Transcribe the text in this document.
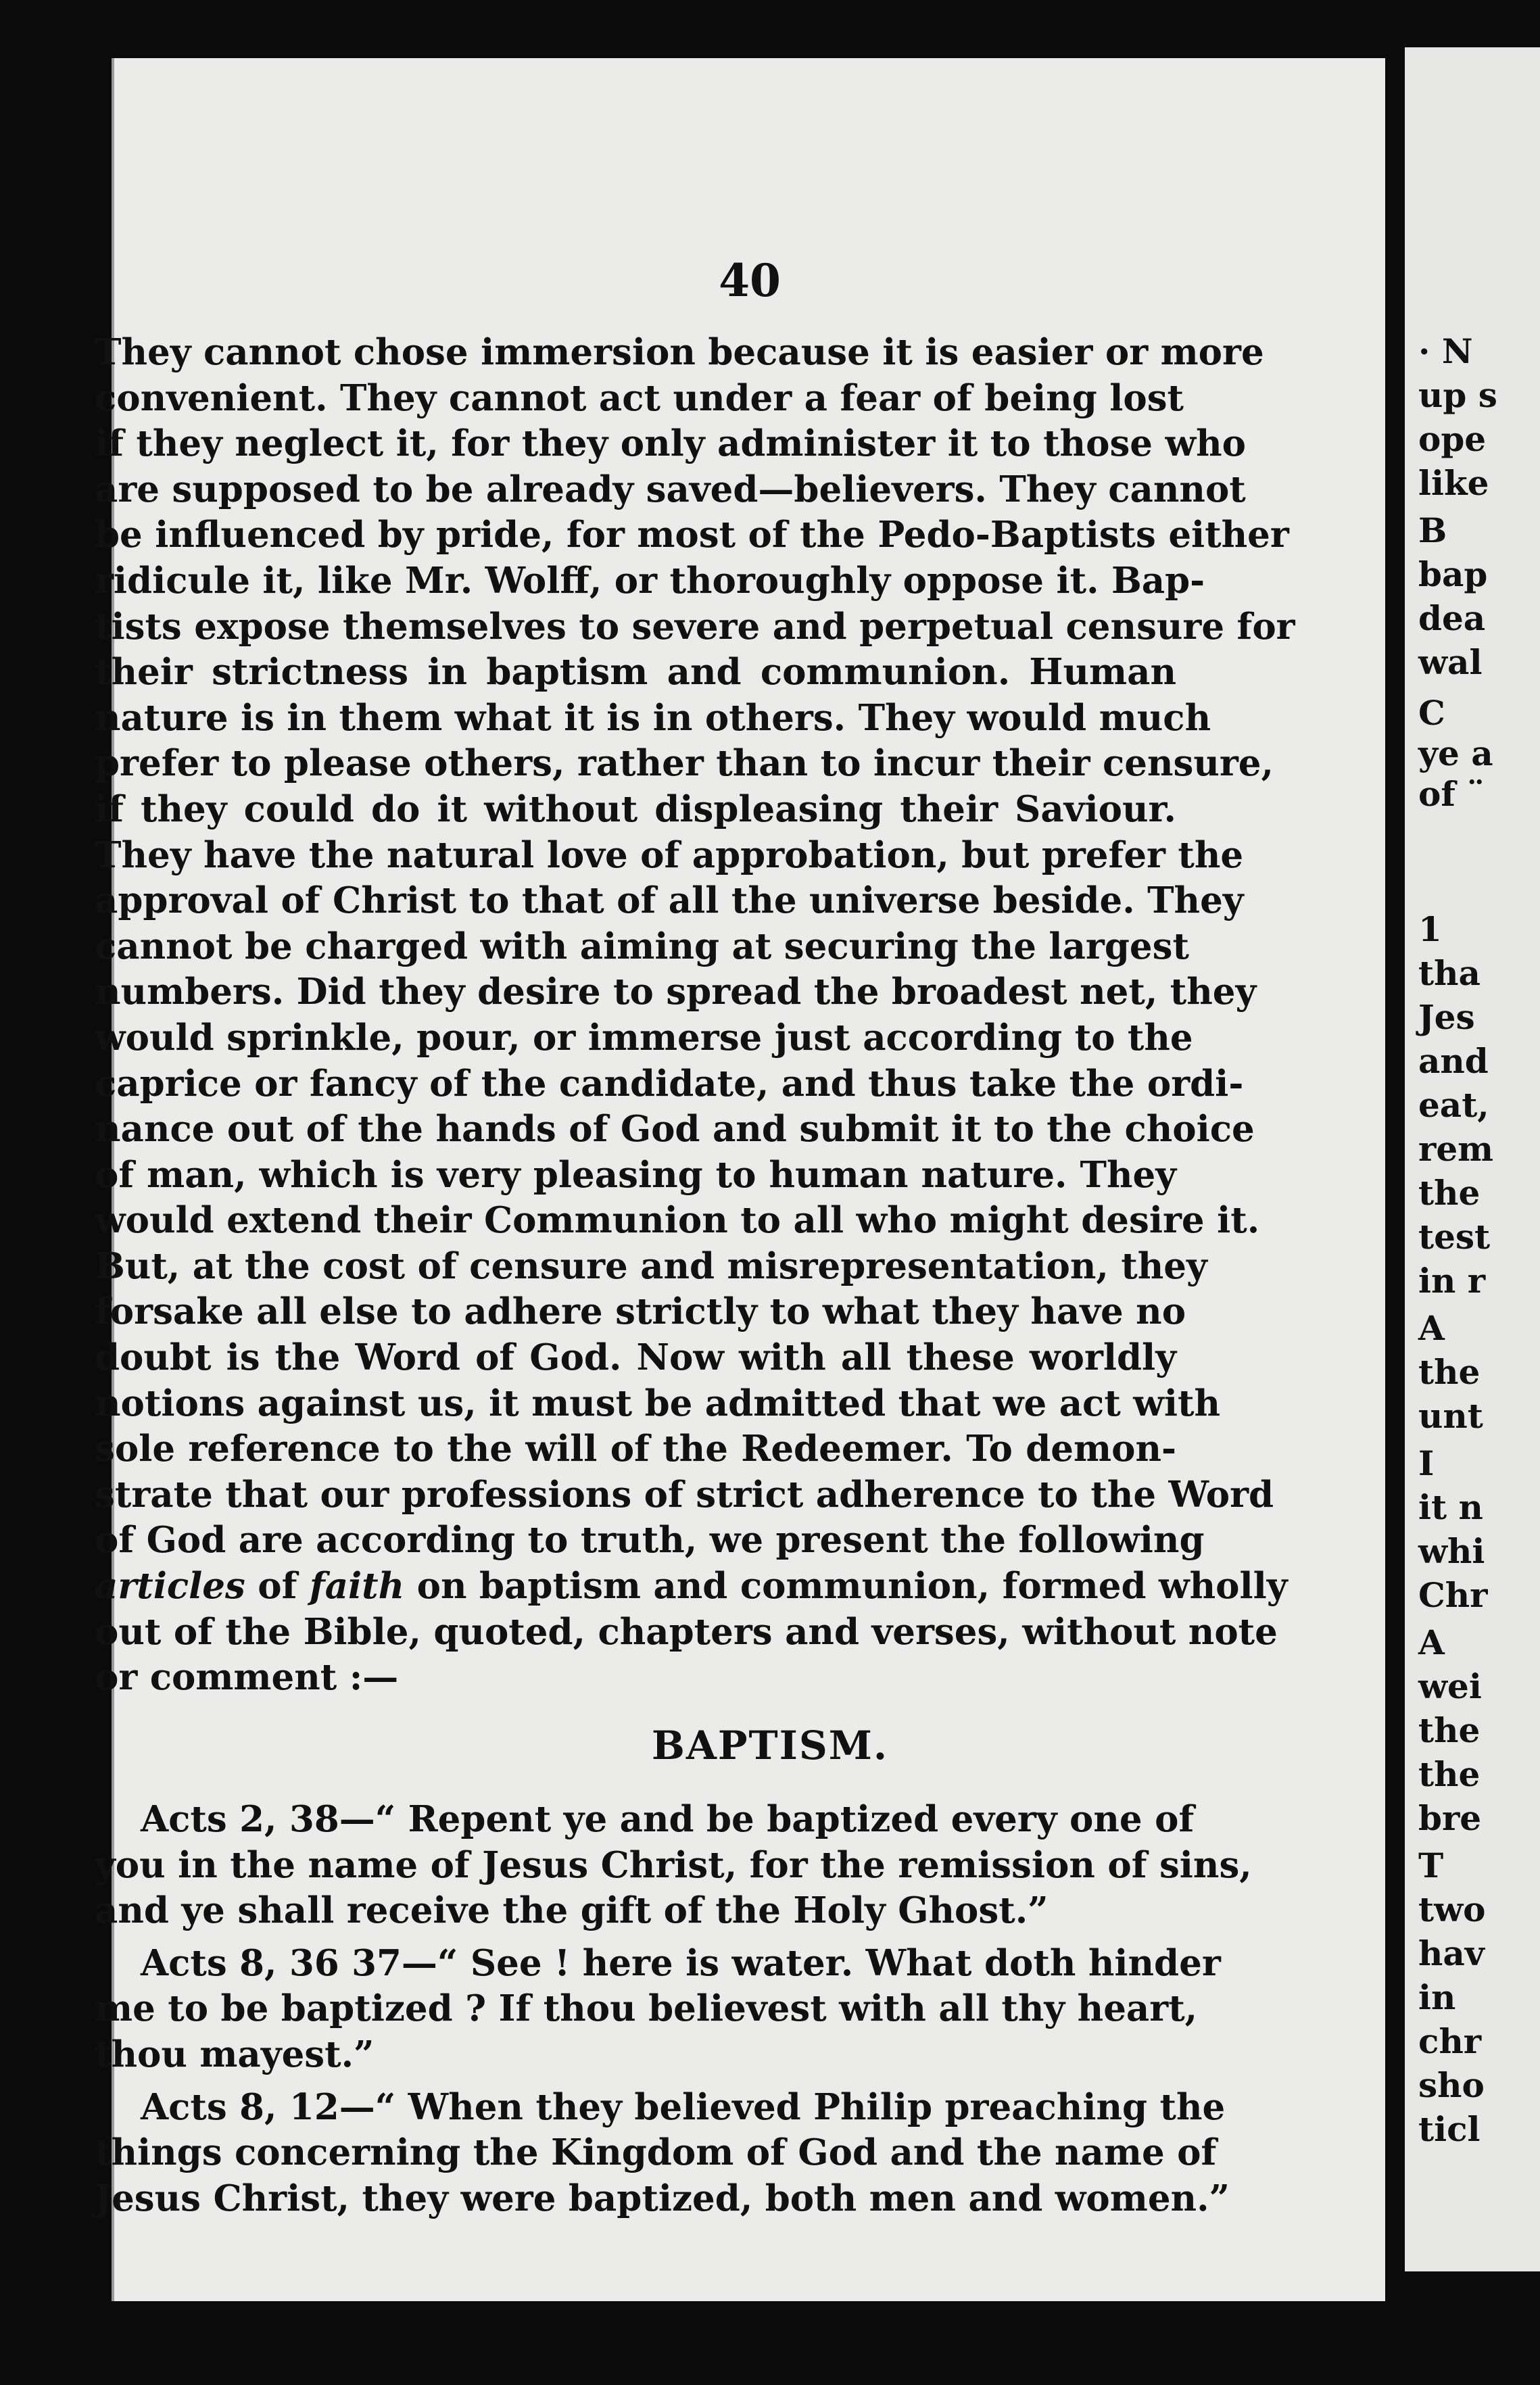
40
They cannot chose immersion because it is easier or more
convenient. They cannot act under a fear of being lost
if they neglect it, for they only administer it to those who
are supposed to be already saved—believers. They cannot
be influenced by pride, for most of the Pedo-Baptists either
ridicule it, like Mr. Wolff, or thoroughly oppose it. Bap-
tists expose themselves to severe and perpetual censure for
their strictness in baptism and communion. Human
nature is in them what it is in others. They would much
prefer to please others, rather than to incur their censure,
if they could do it without displeasing their Saviour.
They have the natural love of approbation, but prefer the
approval of Christ to that of all the universe beside. They
cannot be charged with aiming at securing the largest
numbers. Did they desire to spread the broadest net, they
would sprinkle, pour, or immerse just according to the
caprice or fancy of the candidate, and thus take the ordi-
nance out of the hands of God and submit it to the choice
of man, which is very pleasing to human nature. They
would extend their Communion to all who might desire it.
But, at the cost of censure and misrepresentation, they
forsake all else to adhere strictly to what they have no
doubt is the Word of God. Now with all these worldly
notions against us, it must be admitted that we act with
sole reference to the will of the Redeemer. To demon-
strate that our professions of strict adherence to the Word
of God are according to truth, we present the following
articles of faith on baptism and communion, formed wholly
out of the Bible, quoted, chapters and verses, without note
or comment :—
BAPTISM.
Acts 2, 38—“ Repent ye and be baptized every one of
you in the name of Jesus Christ, for the remission of sins,
and ye shall receive the gift of the Holy Ghost.”
Acts 8, 36 37—“ See ! here is water. What doth hinder
me to be baptized ? If thou believest with all thy heart,
thou mayest.”
Acts 8, 12—“ When they believed Philip preaching the
things concerning the Kingdom of God and the name of
Jesus Christ, they were baptized, both men and women.”
· N
up s
ope
like
B
bap
dea
wal
C
ye a
of ¨
1
tha
Jes
and
eat,
rem
the
test
in r
A
the
unt
I
it n
whi
Chr
A
wei
the
the
bre
T
two
hav
in
chr
sho
ticl
